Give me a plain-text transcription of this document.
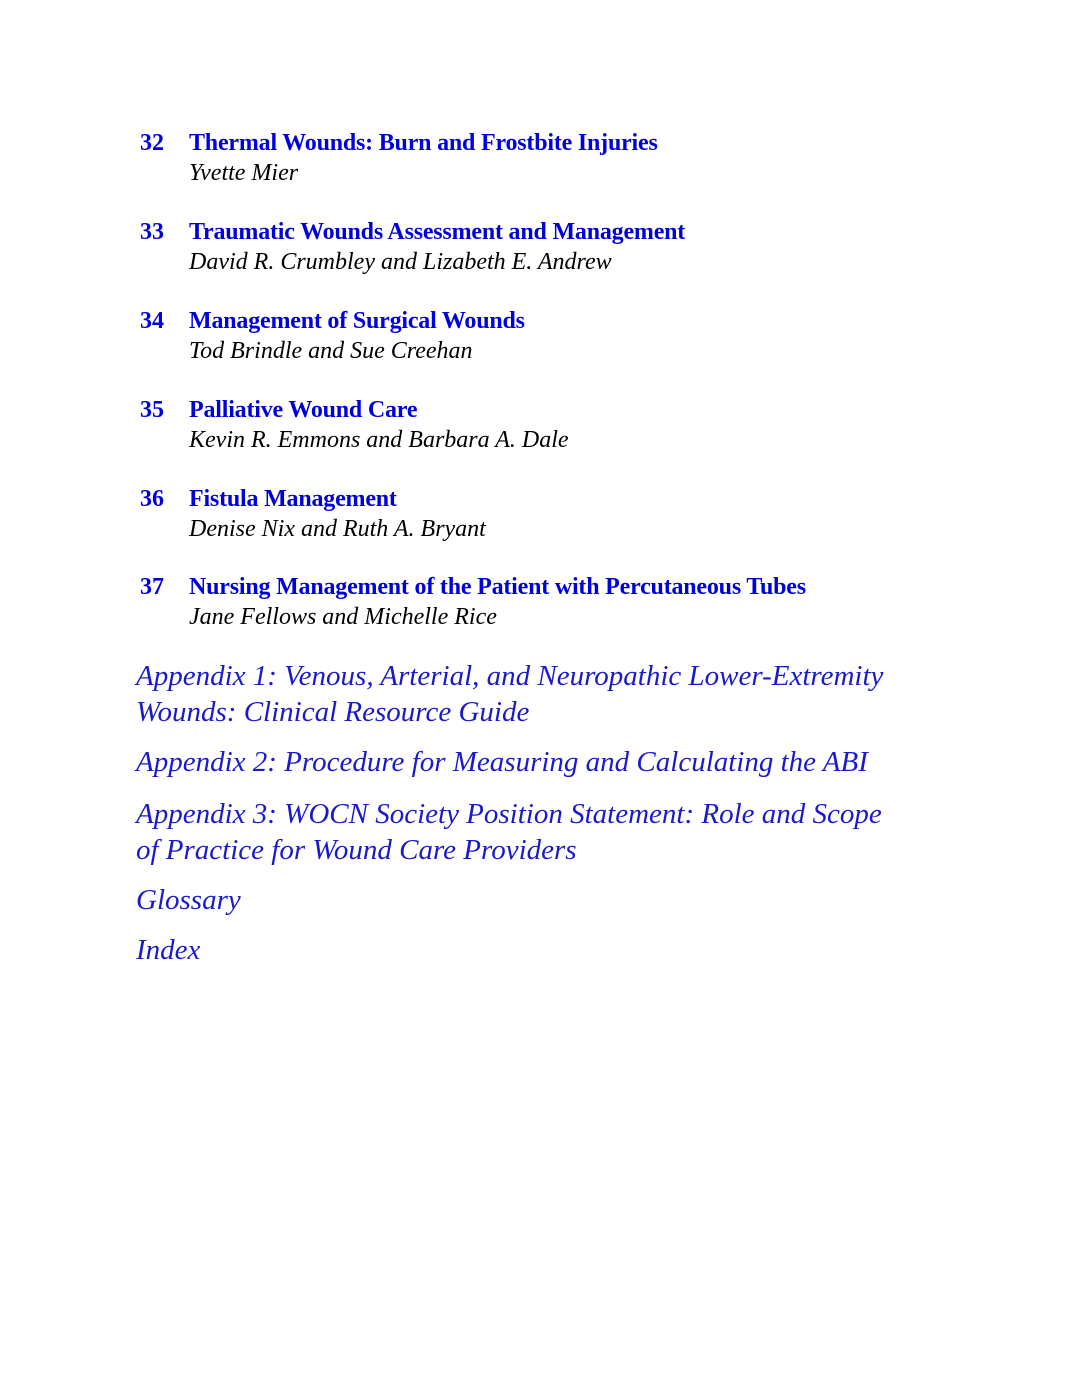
32 Thermal Wounds: Burn and Frostbite Injuries
Yvette Mier
33 Traumatic Wounds Assessment and Management
David R. Crumbley and Lizabeth E. Andrew
34 Management of Surgical Wounds
Tod Brindle and Sue Creehan
35 Palliative Wound Care
Kevin R. Emmons and Barbara A. Dale
36 Fistula Management
Denise Nix and Ruth A. Bryant
37 Nursing Management of the Patient with Percutaneous Tubes
Jane Fellows and Michelle Rice
Appendix 1: Venous, Arterial, and Neuropathic Lower-Extremity
Wounds: Clinical Resource Guide
Appendix 2: Procedure for Measuring and Calculating the ABI
Appendix 3: WOCN Society Position Statement: Role and Scope
of Practice for Wound Care Providers
Glossary
Index
